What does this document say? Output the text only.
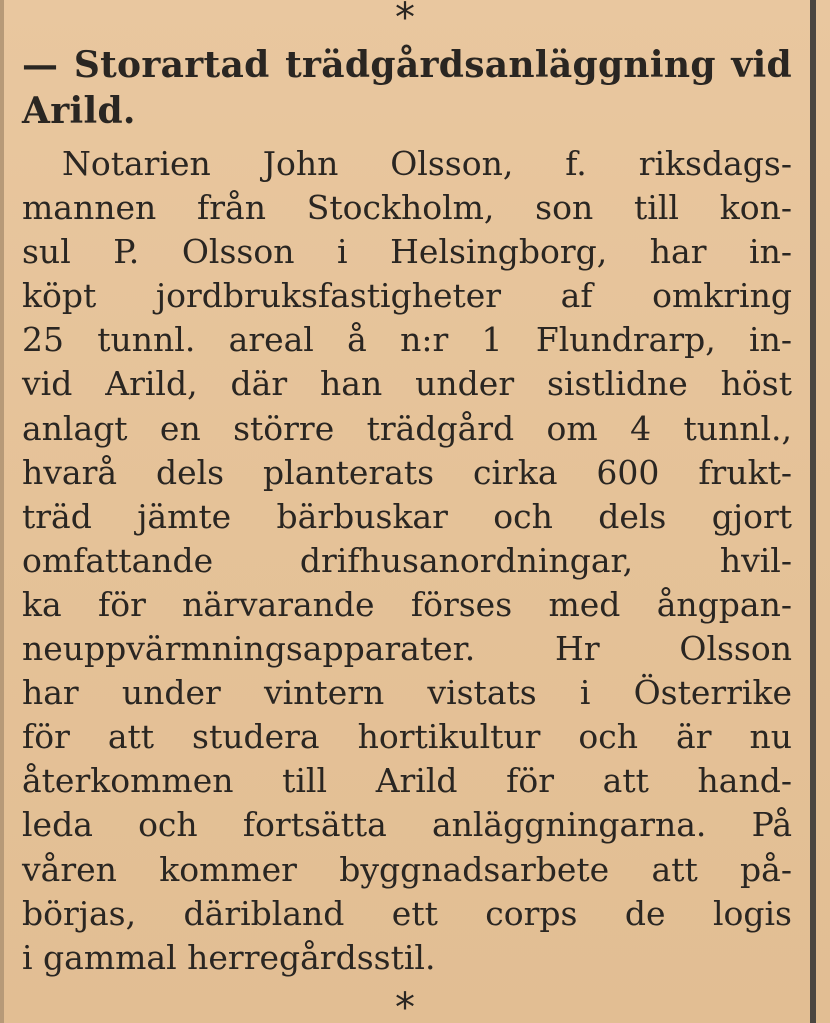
*
— Storartad trädgårdsanläggning vid Arild.
Notarien John Olsson, f. riksdags-
mannen från Stockholm, son till kon-
sul P. Olsson i Helsingborg, har in-
köpt jordbruksfastigheter af omkring
25 tunnl. areal å n:r 1 Flundrarp, in-
vid Arild, där han under sistlidne höst
anlagt en större trädgård om 4 tunnl.,
hvarå dels planterats cirka 600 frukt-
träd jämte bärbuskar och dels gjort
omfattande drifhusanordningar, hvil-
ka för närvarande förses med ångpan-
neuppvärmningsapparater. Hr Olsson
har under vintern vistats i Österrike
för att studera hortikultur och är nu
återkommen till Arild för att hand-
leda och fortsätta anläggningarna. På
våren kommer byggnadsarbete att på-
börjas, däribland ett corps de logis
i gammal herregårdsstil.
*
